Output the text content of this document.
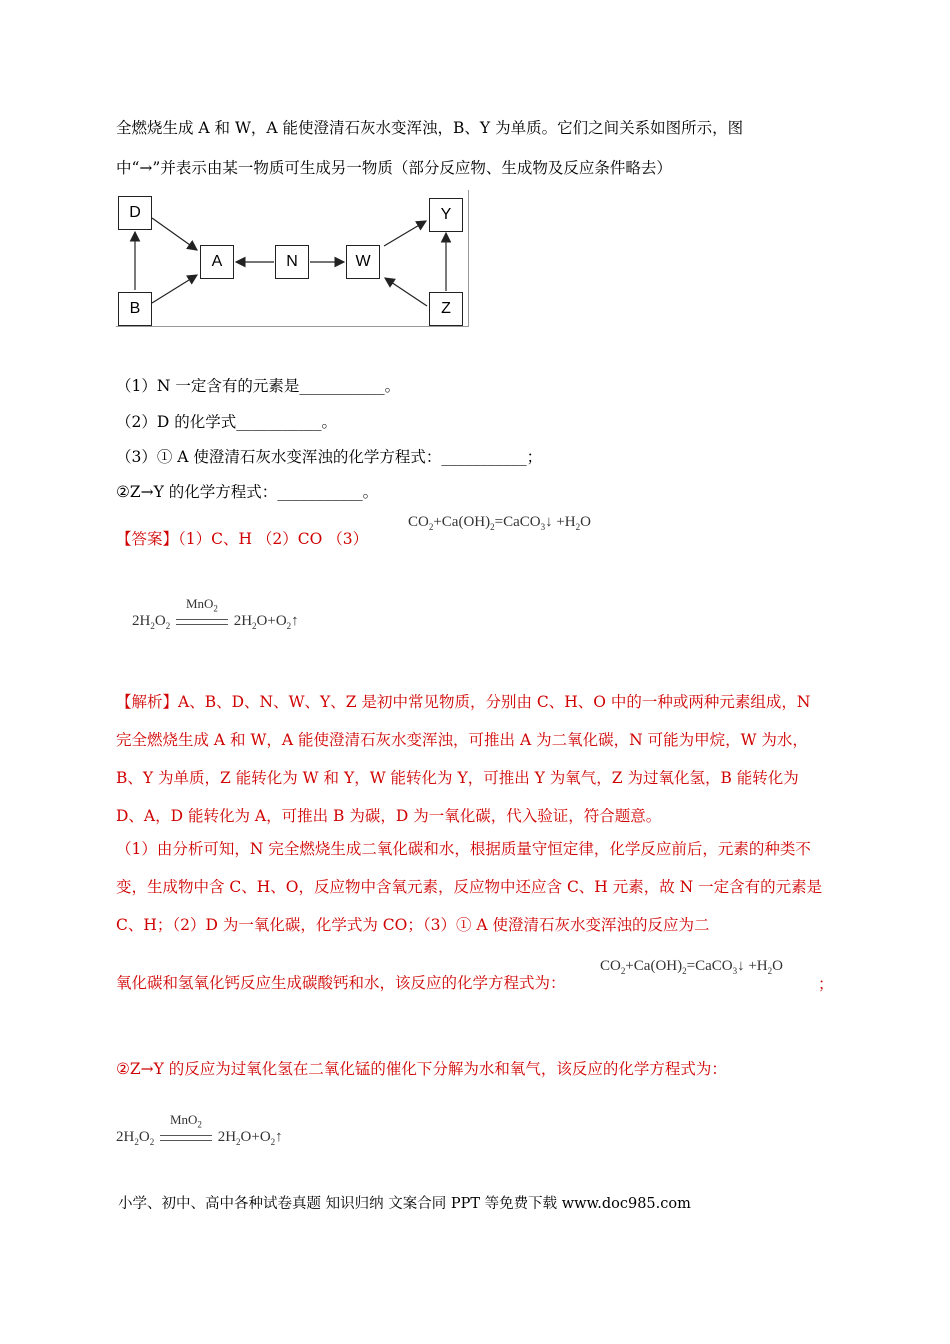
全燃烧生成 A 和 W，A 能使澄清石灰水变浑浊，B、Y 为单质。它们之间关系如图所示，图
中“→”并表示由某一物质可生成另一物质（部分反应物、生成物及反应条件略去）
D
A	N	W
Y
B	Z
（1）N 一定含有的元素是___________。
（2）D 的化学式___________。
（3）① A 使澄清石灰水变浑浊的化学方程式：___________；
②Z→Y 的化学方程式：___________。
【答案】（1）C、H （2）CO （3）
$CO_2+Ca(OH)_2=CaCO_3↓ +H_2O$
$2H_2O_2$
MnO$_2$
$2H_2O+O_2↑$
【解析】A、B、D、N、W、Y、Z 是初中常见物质，分别由 C、H、O 中的一种或两种元素组成，N 完全燃烧生成 A 和 W，A 能使澄清石灰水变浑浊，可推出 A 为二氧化碳，N 可能为甲烷，W 为水，B、Y 为单质，Z 能转化为 W 和 Y，W 能转化为 Y，可推出 Y 为氧气，Z 为过氧化氢，B 能转化为 D、A，D 能转化为 A，可推出 B 为碳，D 为一氧化碳，代入验证，符合题意。
（1）由分析可知，N 完全燃烧生成二氧化碳和水，根据质量守恒定律，化学反应前后，元素的种类不变，生成物中含 C、H、O，反应物中含氧元素，反应物中还应含 C、H 元素，故 N 一定含有的元素是 C、H；（2）D 为一氧化碳，化学式为 CO；（3）① A 使澄清石灰水变浑浊的反应为二
氧化碳和氢氧化钙反应生成碳酸钙和水，该反应的化学方程式为：
$CO_2+Ca(OH)_2=CaCO_3↓ +H_2O$
；
②Z→Y 的反应为过氧化氢在二氧化锰的催化下分解为水和氧气，该反应的化学方程式为：
$2H_2O_2$
MnO$_2$
$2H_2O+O_2↑$
小学、初中、高中各种试卷真题 知识归纳 文案合同 PPT 等免费下载 www.doc985.com
